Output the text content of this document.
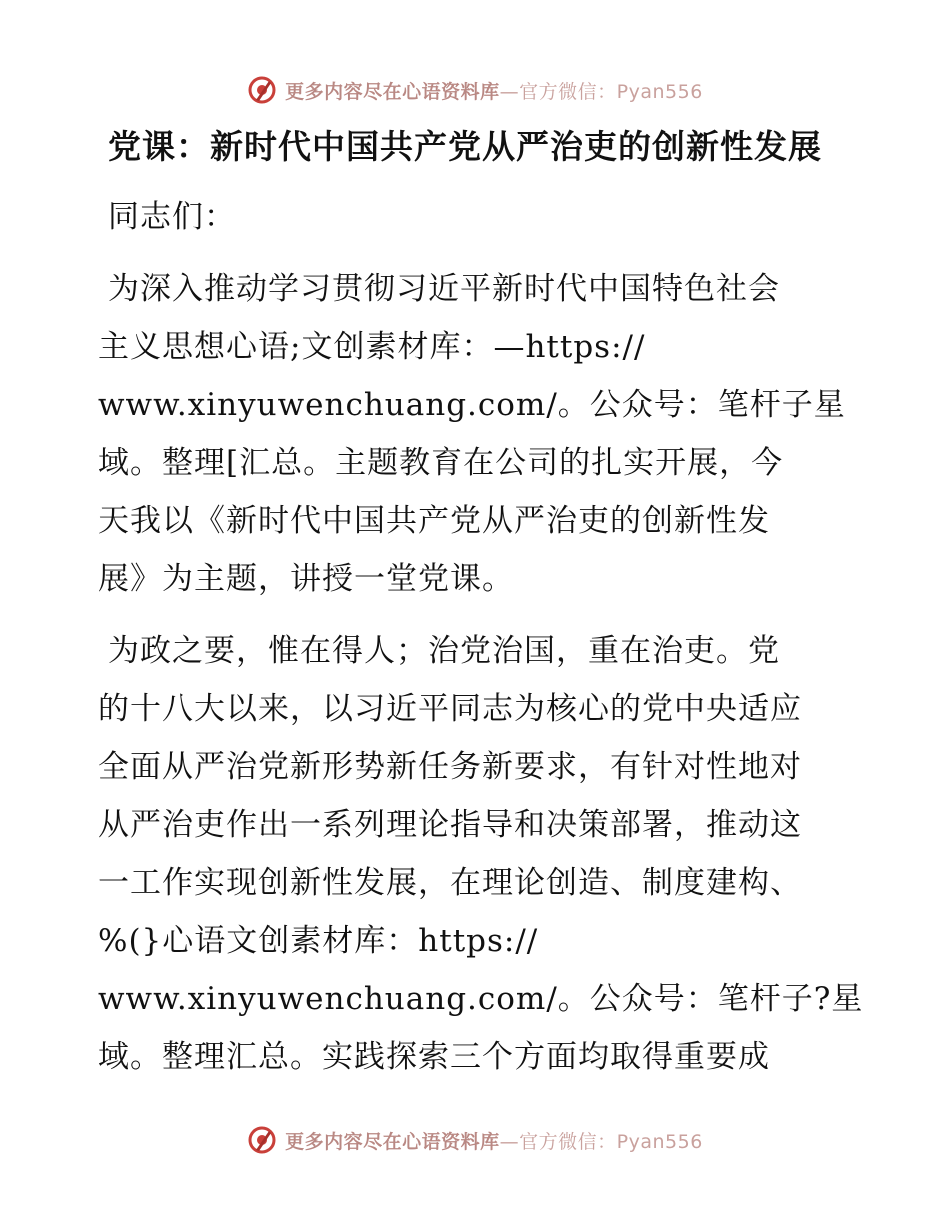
更多内容尽在心语资料库—官方微信：Pyan556
党课：新时代中国共产党从严治吏的创新性发展
同志们：
为深入推动学习贯彻习近平新时代中国特色社会
主义思想心语;文创素材库：—https://
www.xinyuwenchuang.com/。公众号：笔杆子星
域。整理[汇总。主题教育在公司的扎实开展，今
天我以《新时代中国共产党从严治吏的创新性发
展》为主题，讲授一堂党课。
为政之要，惟在得人；治党治国，重在治吏。党
的十八大以来，以习近平同志为核心的党中央适应
全面从严治党新形势新任务新要求，有针对性地对
从严治吏作出一系列理论指导和决策部署，推动这
一工作实现创新性发展，在理论创造、制度建构、
%(}心语文创素材库：https://
www.xinyuwenchuang.com/。公众号：笔杆子?星
域。整理汇总。实践探索三个方面均取得重要成
更多内容尽在心语资料库—官方微信：Pyan556
